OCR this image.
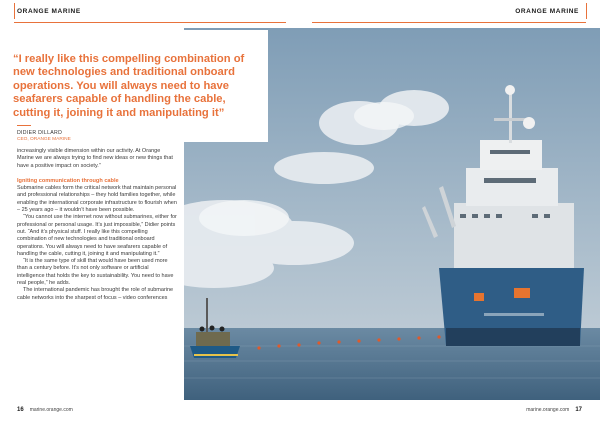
ORANGE MARINE	ORANGE MARINE
“I really like this compelling combination of new technologies and traditional onboard operations. You will always need to have seafarers capable of handling the cable, cutting it, joining it and manipulating it”
DIDIER DILLARD
CEO, ORANGE MARINE

increasingly visible dimension within our activity. At Orange Marine we are always trying to find new ideas or new things that have a positive impact on society.”

Igniting communication through cable

Submarine cables form the critical network that maintain personal and professional relationships – they hold families together, while enabling the international corporate infrastructure to flourish when – 25 years ago – it wouldn’t have been possible.

“You cannot use the internet now without submarines, either for professional or personal usage. It’s just impossible,” Didier points out. “And it’s physical stuff. I really like this compelling combination of new technologies and traditional onboard operations. You will always need to have seafarers capable of handling the cable, cutting it, joining it and manipulating it.”

“It is the same type of skill that would have been used more than a century before. It’s not only software or artificial intelligence that holds the key to sustainability. You need to have real people,” he adds.

The international pandemic has brought the role of submarine cable networks into the sharpest of focus – video conferences

16 marine.orange.com	marine.orange.com 17
